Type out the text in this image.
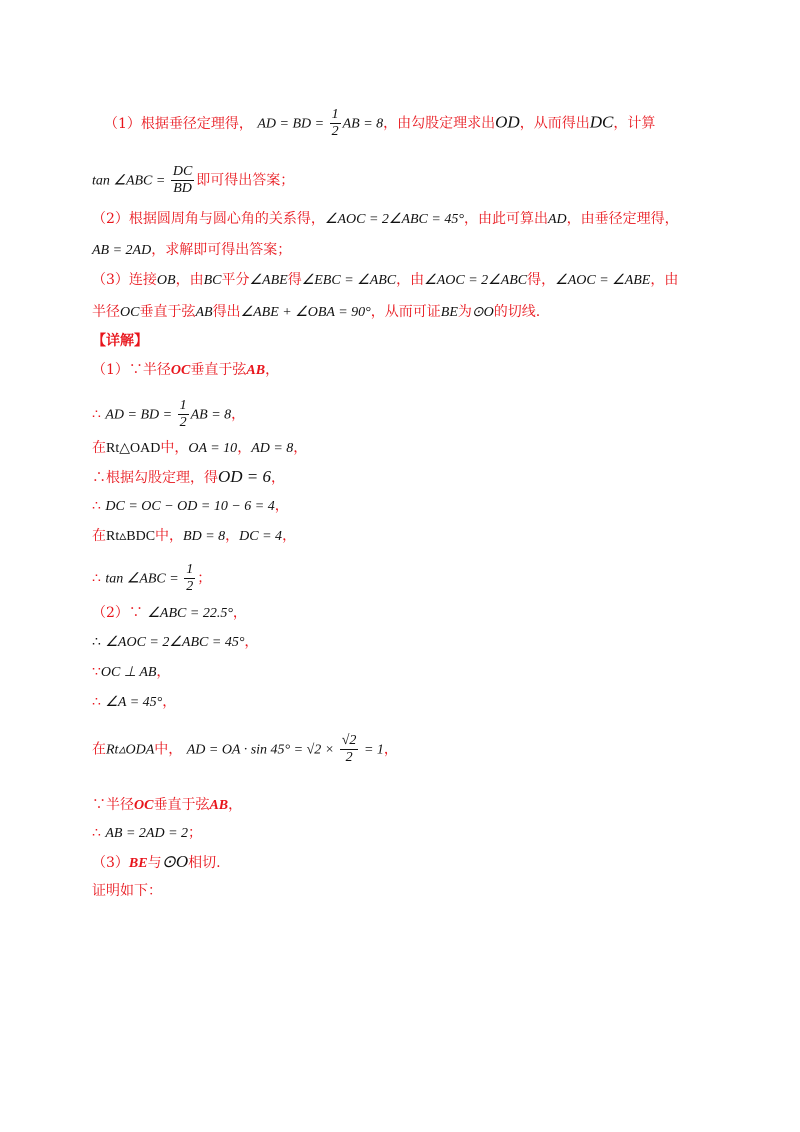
（1）根据垂径定理得， AD = BD = $\frac{1}{2}$ AB = 8，由勾股定理求出OD，从而得出DC，计算
tan ∠ABC = $\frac{DC}{BD}$ 即可得出答案；
（2）根据圆周角与圆心角的关系得，∠AOC = 2∠ABC = 45°，由此可算出AD，由垂径定理得，
AB = 2AD，求解即可得出答案；
（3）连接OB，由BC平分∠ABE得∠EBC = ∠ABC，由∠AOC = 2∠ABC得，∠AOC = ∠ABE，由
半径OC垂直于弦AB得出∠ABE + ∠OBA = 90°，从而可证BE为⊙O的切线.
【详解】
（1）∵半径OC垂直于弦AB，
∴ AD = BD = $\frac{1}{2}$ AB = 8，
在Rt△OAD中，OA = 10，AD = 8，
∴根据勾股定理，得OD = 6，
∴ DC = OC − OD = 10 − 6 = 4，
在Rt▵BDC中，BD = 8，DC = 4，
∴ tan ∠ABC = $\frac{1}{2}$ ；
（2）∵ ∠ABC = 22.5°，
∴ ∠AOC = 2∠ABC = 45°，
∵OC ⊥ AB，
∴ ∠A = 45°，
在Rt▵ODA中， AD = OA · $\sin 45^\circ = √2 \times \frac{√2}{2} = 1$，
∵半径OC垂直于弦AB，
∴ AB = 2AD = 2；
（3）BE与⊙O相切.
证明如下：
